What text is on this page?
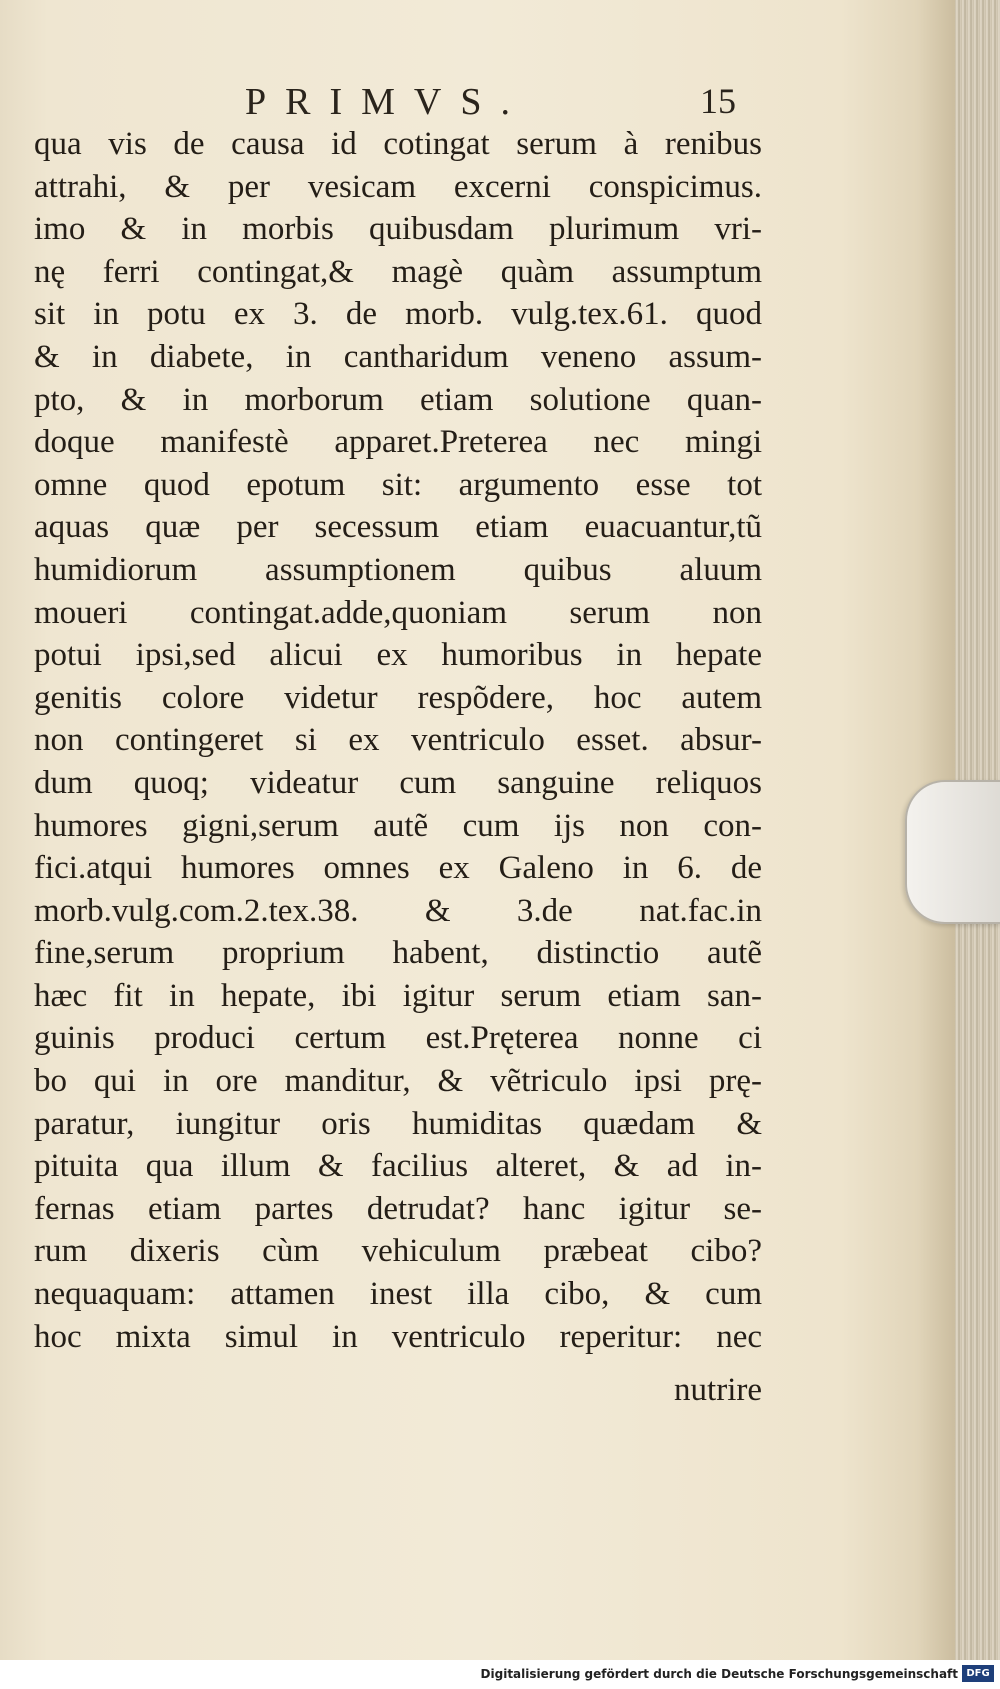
PRIMVS.	15
qua vis de causa id cotingat serum à renibus
attrahi, & per vesicam excerni conspicimus.
imo & in morbis quibusdam plurimum vri-
nę ferri contingat,& magè quàm assumptum
sit in potu ex 3. de morb. vulg.tex.61. quod
& in diabete, in cantharidum veneno assum-
pto, & in morborum etiam solutione quan-
doque manifestè apparet.Preterea nec mingi
omne quod epotum sit: argumento esse tot
aquas quæ per secessum etiam euacuantur,tũ
humidiorum assumptionem quibus aluum
moueri contingat.adde,quoniam serum non
potui ipsi,sed alicui ex humoribus in hepate
genitis colore videtur respõdere, hoc autem
non contingeret si ex ventriculo esset. absur-
dum quoq; videatur cum sanguine reliquos
humores gigni,serum autẽ cum ijs non con-
fici.atqui humores omnes ex Galeno in 6. de
morb.vulg.com.2.tex.38. & 3.de nat.fac.in
fine,serum proprium habent, distinctio autẽ
hæc fit in hepate, ibi igitur serum etiam san-
guinis produci certum est.Pręterea nonne ci
bo qui in ore manditur, & vẽtriculo ipsi prę-
paratur, iungitur oris humiditas quædam &
pituita qua illum & facilius alteret, & ad in-
fernas etiam partes detrudat? hanc igitur se-
rum dixeris cùm vehiculum præbeat cibo?
nequaquam: attamen inest illa cibo, & cum
hoc mixta simul in ventriculo reperitur: nec
nutrire
Digitalisierung gefördert durch die Deutsche Forschungsgemeinschaft DFG
